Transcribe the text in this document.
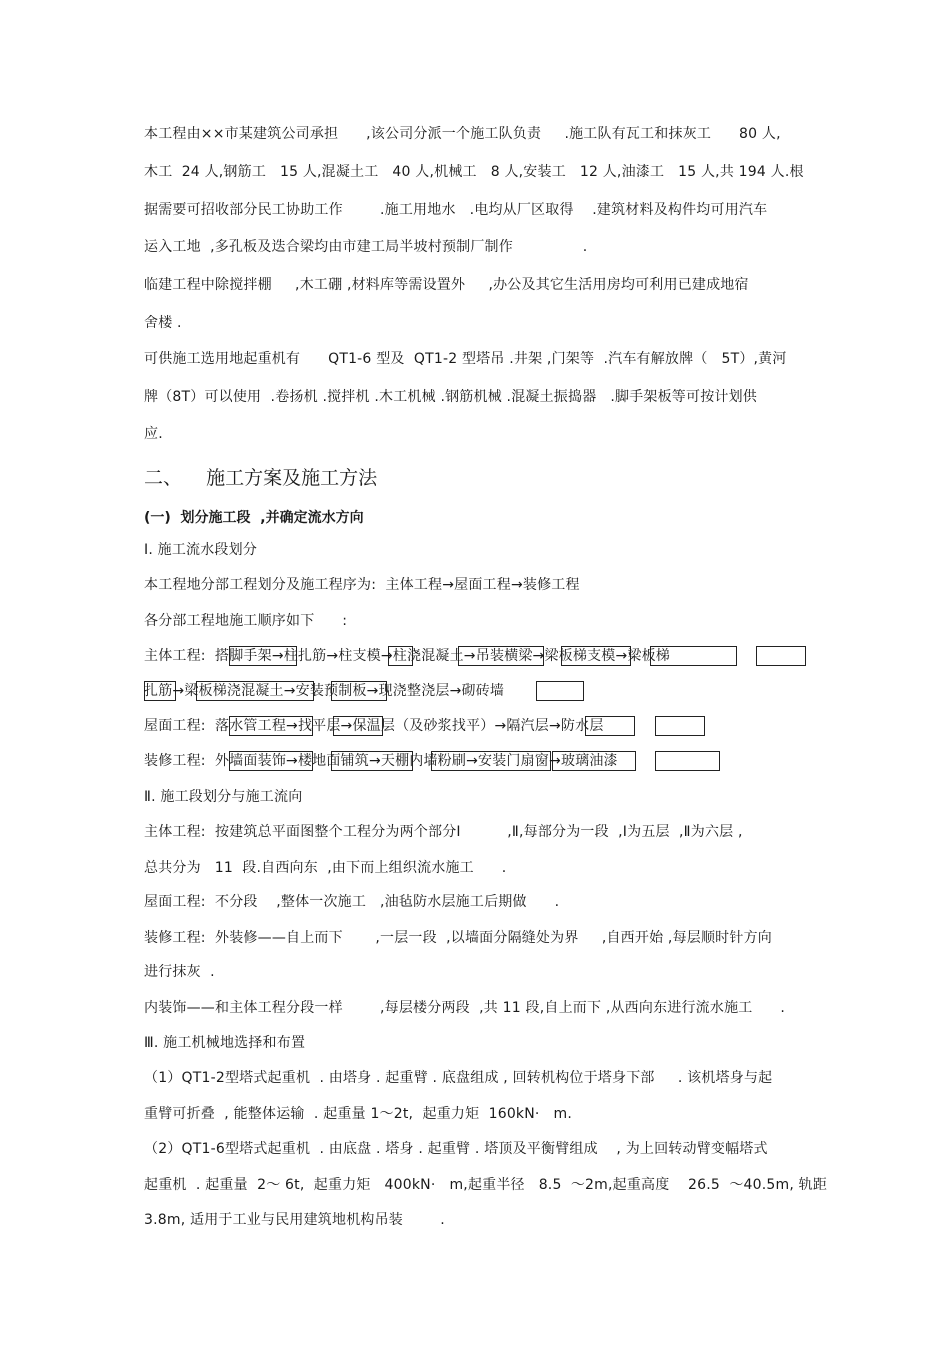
本工程由××市某建筑公司承担      ,该公司分派一个施工队负责     .施工队有瓦工和抹灰工      80 人,
木工  24 人,钢筋工   15 人,混凝土工   40 人,机械工   8 人,安装工   12 人,油漆工   15 人,共 194 人.根
据需要可招收部分民工协助工作        .施工用地水   .电均从厂区取得    .建筑材料及构件均可用汽车
运入工地  ,多孔板及迭合梁均由市建工局半坡村预制厂制作               .
临建工程中除搅拌棚     ,木工硼 ,材料库等需设置外     ,办公及其它生活用房均可利用已建成地宿
舍楼 .
可供施工选用地起重机有      QT1-6 型及  QT1-2 型塔吊 .井架 ,门架等  .汽车有解放牌（   5T）,黄河
牌（8T）可以使用  .卷扬机 .搅拌机 .木工机械 .钢筋机械 .混凝土振捣器   .脚手架板等可按计划供
应.
二、    施工方案及施工方法
(一)  划分施工段  ,并确定流水方向
Ⅰ. 施工流水段划分
本工程地分部工程划分及施工程序为:  主体工程→屋面工程→装修工程
各分部工程地施工顺序如下      :
主体工程:  搭脚手架→柱扎筋→柱支模→柱浇混凝土→吊装横梁→梁板梯支模→梁板梯
扎筋→梁板梯浇混凝土→安装预制板→现浇整浇层→砌砖墙
屋面工程:  落水管工程→找平层→保温层（及砂浆找平）→隔汽层→防水层
装修工程:  外墙面装饰→楼地面铺筑→天棚内墙粉刷→安装门扇窗→玻璃油漆
Ⅱ. 施工段划分与施工流向
主体工程:  按建筑总平面图整个工程分为两个部分Ⅰ          ,Ⅱ,每部分为一段  ,Ⅰ为五层  ,Ⅱ为六层 ,
总共分为   11  段.自西向东  ,由下而上组织流水施工      .
屋面工程:  不分段    ,整体一次施工   ,油毡防水层施工后期做      .
装修工程:  外装修——自上而下       ,一层一段  ,以墙面分隔缝处为界     ,自西开始 ,每层顺时针方向
进行抹灰  .
内装饰——和主体工程分段一样        ,每层楼分两段  ,共 11 段,自上而下 ,从西向东进行流水施工      .
Ⅲ. 施工机械地选择和布置
（1）QT1-2型塔式起重机  . 由塔身 . 起重臂 . 底盘组成 , 回转机构位于塔身下部     . 该机塔身与起
重臂可折叠  , 能整体运输  . 起重量 1～2t,  起重力矩  160kN·   m.
（2）QT1-6型塔式起重机  . 由底盘 . 塔身 . 起重臂 . 塔顶及平衡臂组成    , 为上回转动臂变幅塔式
起重机  . 起重量  2～ 6t,  起重力矩   400kN·   m,起重半径   8.5  ～2m,起重高度    26.5  ～40.5m, 轨距
3.8m, 适用于工业与民用建筑地机构吊装        .
